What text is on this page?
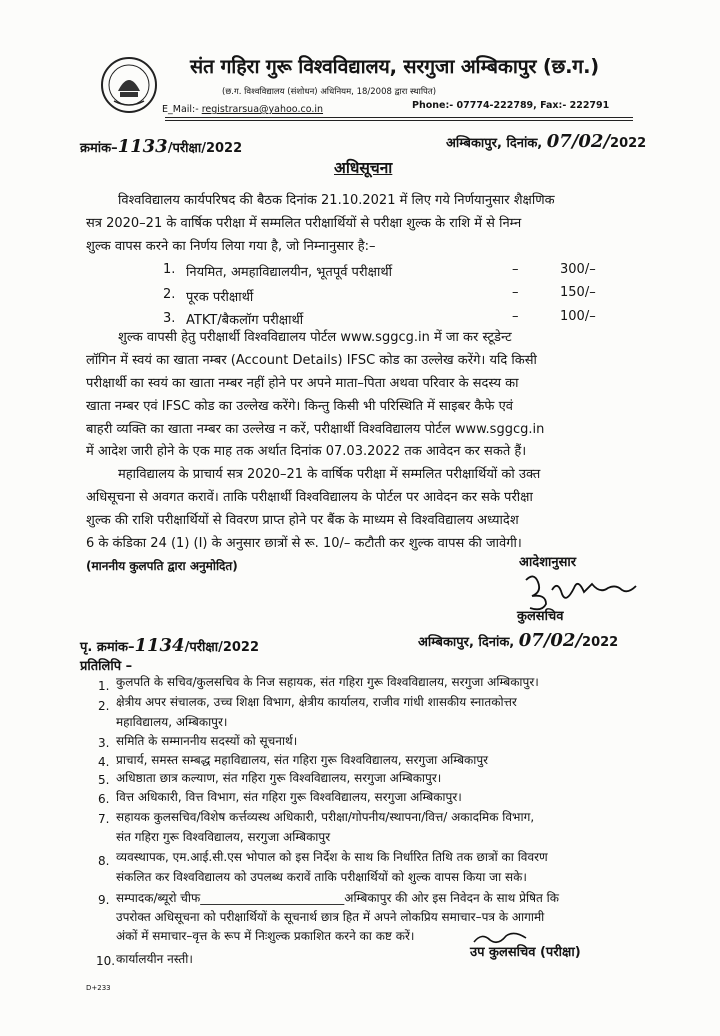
संत गहिरा गुरू विश्वविद्यालय, सरगुजा अम्बिकापुर (छ.ग.)
(छ.ग. विश्वविद्यालय (संशोधन) अधिनियम, 18/2008 द्वारा स्थापित)
E_Mail:- registrarsua@yahoo.co.in	Phone:- 07774-222789, Fax:- 222791
क्रमांक–1133/परीक्षा/2022	अम्बिकापुर, दिनांक, 07/02/2022
अधिसूचना
विश्वविद्यालय कार्यपरिषद की बैठक दिनांक 21.10.2021 में लिए गये निर्णयानुसार शैक्षणिक
सत्र 2020–21 के वार्षिक परीक्षा में सम्मलित परीक्षार्थियों से परीक्षा शुल्क के राशि में से निम्न
शुल्क वापस करने का निर्णय लिया गया है, जो निम्नानुसार है:–
1. नियमित, अमहाविद्यालयीन, भूतपूर्व परीक्षार्थी	–	300/–
2. पूरक परीक्षार्थी	–	150/–
3. ATKT/बैकलॉग परीक्षार्थी	–	100/–
शुल्क वापसी हेतु परीक्षार्थी विश्वविद्यालय पोर्टल www.sggcg.in में जा कर स्टूडेन्ट
लॉगिन में स्वयं का खाता नम्बर (Account Details) IFSC कोड का उल्लेख करेंगे। यदि किसी
परीक्षार्थी का स्वयं का खाता नम्बर नहीं होने पर अपने माता–पिता अथवा परिवार के सदस्य का
खाता नम्बर एवं IFSC कोड का उल्लेख करेंगे। किन्तु किसी भी परिस्थिति में साइबर कैफे एवं
बाहरी व्यक्ति का खाता नम्बर का उल्लेख न करें, परीक्षार्थी विश्वविद्यालय पोर्टल www.sggcg.in
में आदेश जारी होने के एक माह तक अर्थात दिनांक 07.03.2022 तक आवेदन कर सकते हैं।
महाविद्यालय के प्राचार्य सत्र 2020–21 के वार्षिक परीक्षा में सम्मलित परीक्षार्थियों को उक्त
अधिसूचना से अवगत करावें। ताकि परीक्षार्थी विश्वविद्यालय के पोर्टल पर आवेदन कर सके परीक्षा
शुल्क की राशि परीक्षार्थियों से विवरण प्राप्त होने पर बैंक के माध्यम से विश्वविद्यालय अध्यादेश
6 के कंडिका 24 (1) (I) के अनुसार छात्रों से रू. 10/– कटौती कर शुल्क वापस की जावेगी।
(माननीय कुलपति द्वारा अनुमोदित)	आदेशानुसार
कुलसचिव
पृ. क्रमांक–1134/परीक्षा/2022	अम्बिकापुर, दिनांक, 07/02/2022
प्रतिलिपि –
1. कुलपति के सचिव/कुलसचिव के निज सहायक, संत गहिरा गुरू विश्वविद्यालय, सरगुजा अम्बिकापुर।
2. क्षेत्रीय अपर संचालक, उच्च शिक्षा विभाग, क्षेत्रीय कार्यालय, राजीव गांधी शासकीय स्नातकोत्तर
महाविद्यालय, अम्बिकापुर।
3. समिति के सम्माननीय सदस्यों को सूचनार्थ।
4. प्राचार्य, समस्त सम्बद्ध महाविद्यालय, संत गहिरा गुरू विश्वविद्यालय, सरगुजा अम्बिकापुर
5. अधिष्ठाता छात्र कल्याण, संत गहिरा गुरू विश्वविद्यालय, सरगुजा अम्बिकापुर।
6. वित्त अधिकारी, वित्त विभाग, संत गहिरा गुरू विश्वविद्यालय, सरगुजा अम्बिकापुर।
7. सहायक कुलसचिव/विशेष कर्त्तव्यस्थ अधिकारी, परीक्षा/गोपनीय/स्थापना/वित्त/ अकादमिक विभाग,
संत गहिरा गुरू विश्वविद्यालय, सरगुजा अम्बिकापुर
8. व्यवस्थापक, एम.आई.सी.एस भोपाल को इस निर्देश के साथ कि निर्धारित तिथि तक छात्रों का विवरण
संकलित कर विश्वविद्यालय को उपलब्ध करावें ताकि परीक्षार्थियों को शुल्क वापस किया जा सके।
9. सम्पादक/ब्यूरो चीफ________________________अम्बिकापुर की ओर इस निवेदन के साथ प्रेषित कि
उपरोक्त अधिसूचना को परीक्षार्थियों के सूचनार्थ छात्र हित में अपने लोकप्रिय समाचार–पत्र के आगामी
अंकों में समाचार–वृत्त के रूप में निःशुल्क प्रकाशित करने का कष्ट करें।
10. कार्यालयीन नस्ती।	उप कुलसचिव (परीक्षा)
D+233
